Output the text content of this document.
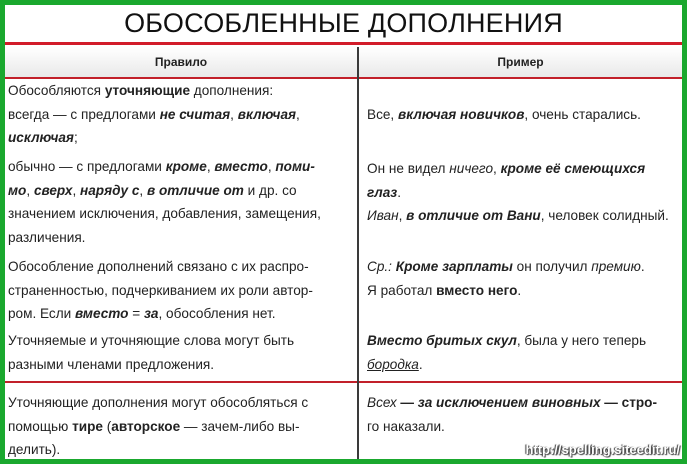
ОБОСОБЛЕННЫЕ ДОПОЛНЕНИЯ
Правило	Пример

Обособляются уточняющие дополнения:

всегда — с предлогами не считая, включая,

исключая;

Все, включая новичков, очень старались.

обычно — с предлогами кроме, вместо, поми-

мо, сверх, наряду с, в отличие от и др. со

значением исключения, добавления, замещения,

различения.

Он не видел ничего, кроме её смеющихся

глаз.

Иван, в отличие от Вани, человек солидный.

Обособление дополнений связано с их распро-

страненностью, подчеркиванием их роли автор-

ром. Если вместо = за, обособления нет.

Ср.: Кроме зарплаты он получил премию.

Я работал вместо него.

Уточняемые и уточняющие слова могут быть

разными членами предложения.

Вместо бритых скул, была у него теперь

бородка.

Уточняющие дополнения могут обособляться с

помощью тире (авторское — зачем-либо вы-

делить).

Всех — за исключением виновных — стро-

го наказали.

http://spelling.siteedit.ru/
